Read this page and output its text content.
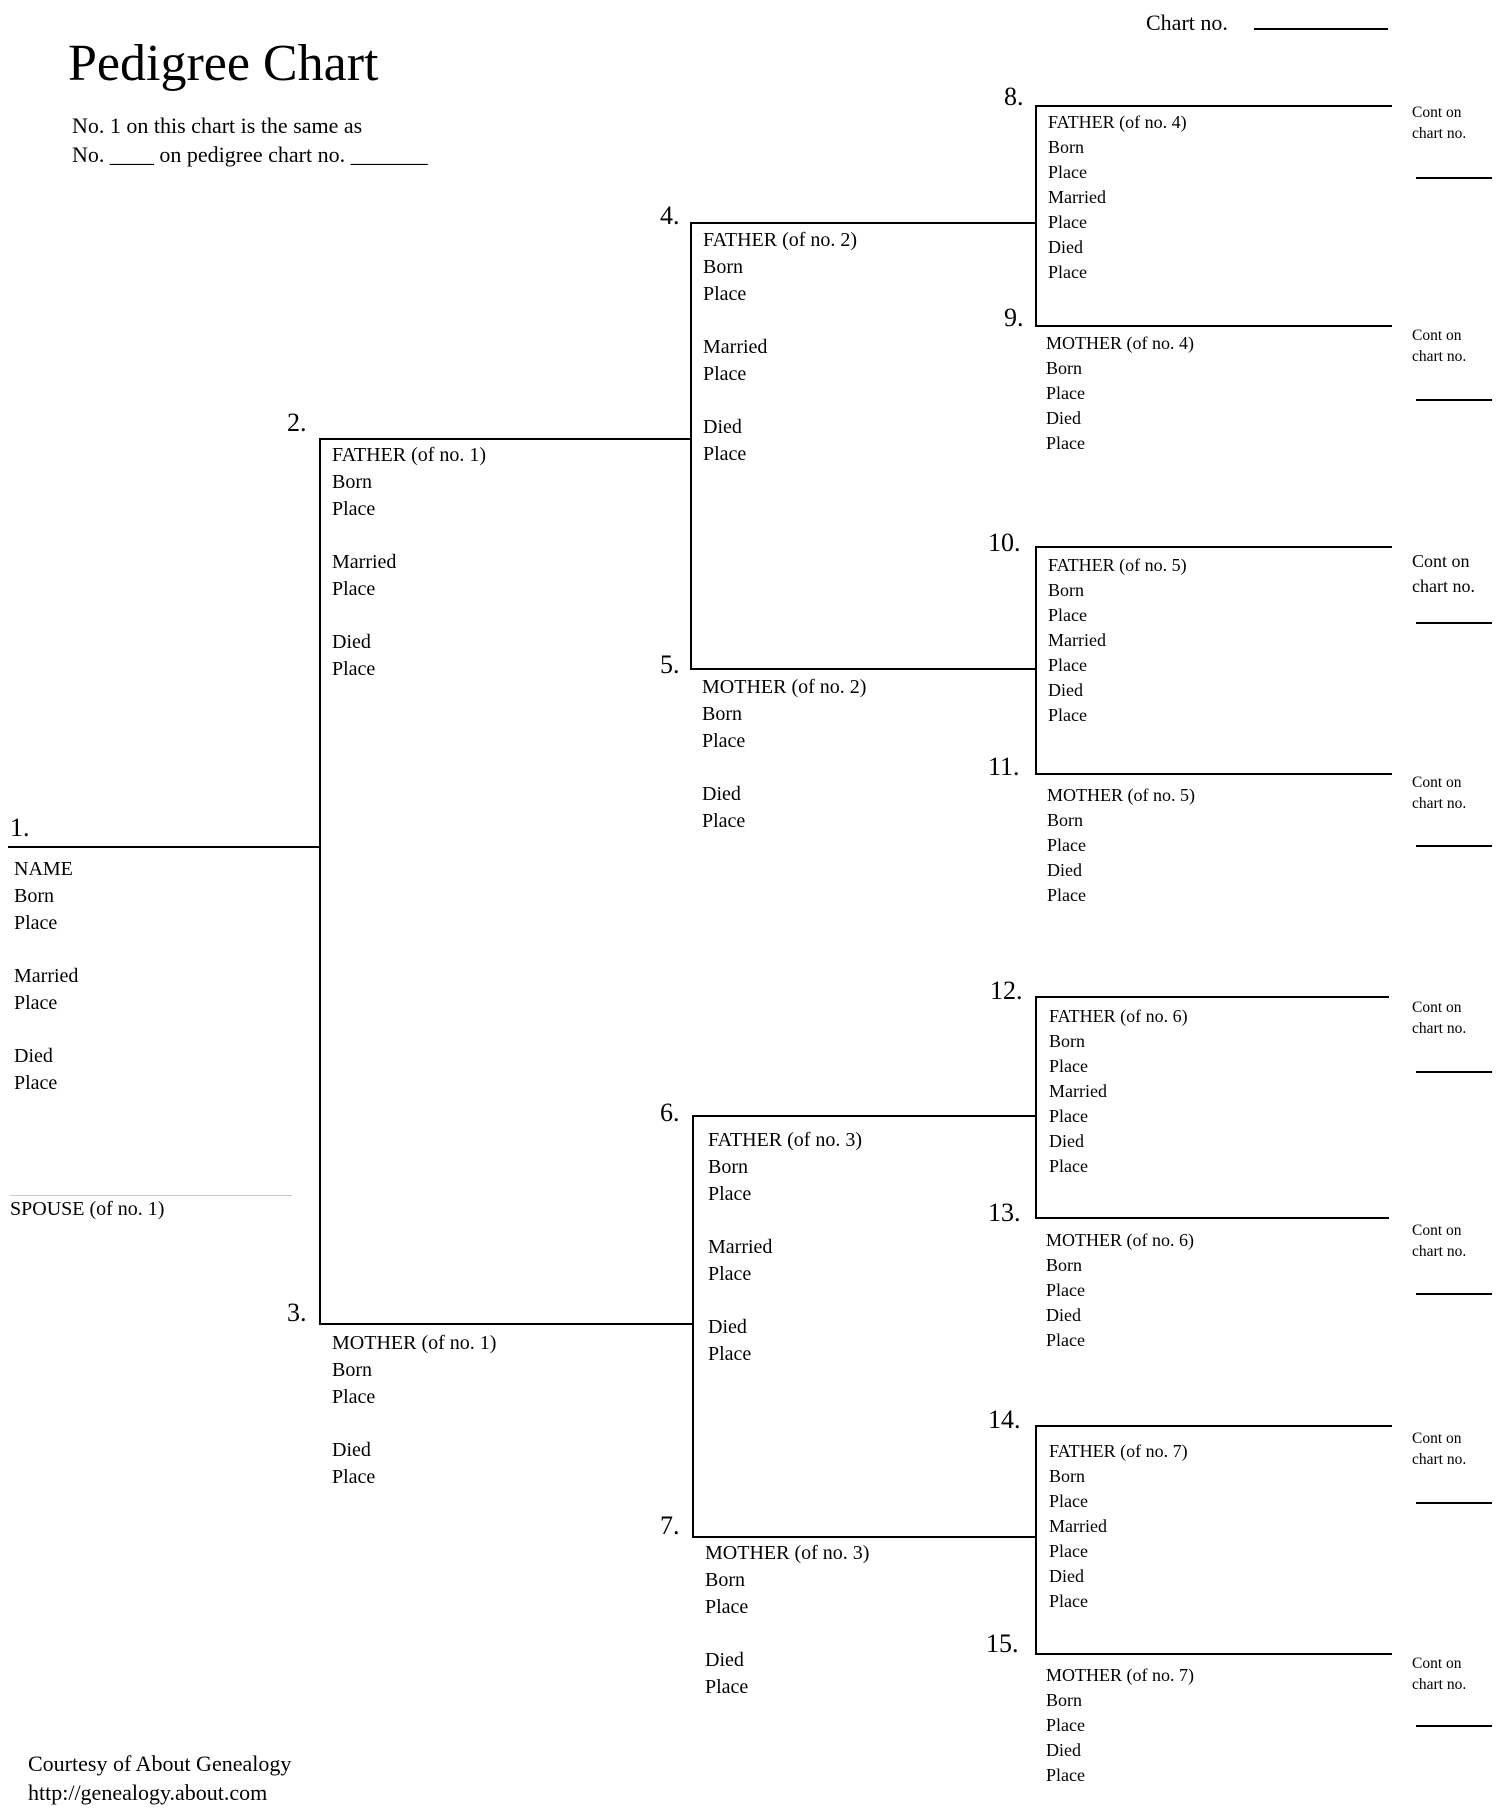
Pedigree Chart
Chart no.
No. 1 on this chart is the same as
No. ____ on pedigree chart no. _______
1.
NAME
Born
Place
Married
Place
Died
Place
SPOUSE (of no. 1)
2.
FATHER (of no. 1)
Born
Place
Married
Place
Died
Place
3.
MOTHER (of no. 1)
Born
Place
Died
Place
4.
FATHER (of no. 2)
Born
Place
Married
Place
Died
Place
5.
MOTHER (of no. 2)
Born
Place
Died
Place
6.
FATHER (of no. 3)
Born
Place
Married
Place
Died
Place
7.
MOTHER (of no. 3)
Born
Place
Died
Place
8.
FATHER (of no. 4)
Born
Place
Married
Place
Died
Place
9.
MOTHER (of no. 4)
Born
Place
Died
Place
10.
FATHER (of no. 5)
Born
Place
Married
Place
Died
Place
11.
MOTHER (of no. 5)
Born
Place
Died
Place
12.
FATHER (of no. 6)
Born
Place
Married
Place
Died
Place
13.
MOTHER (of no. 6)
Born
Place
Died
Place
14.
FATHER (of no. 7)
Born
Place
Married
Place
Died
Place
15.
MOTHER (of no. 7)
Born
Place
Died
Place
Cont on
chart no.
Cont on
chart no.
Cont on
chart no.
Cont on
chart no.
Cont on
chart no.
Cont on
chart no.
Cont on
chart no.
Cont on
chart no.
Courtesy of About Genealogy
http://genealogy.about.com
